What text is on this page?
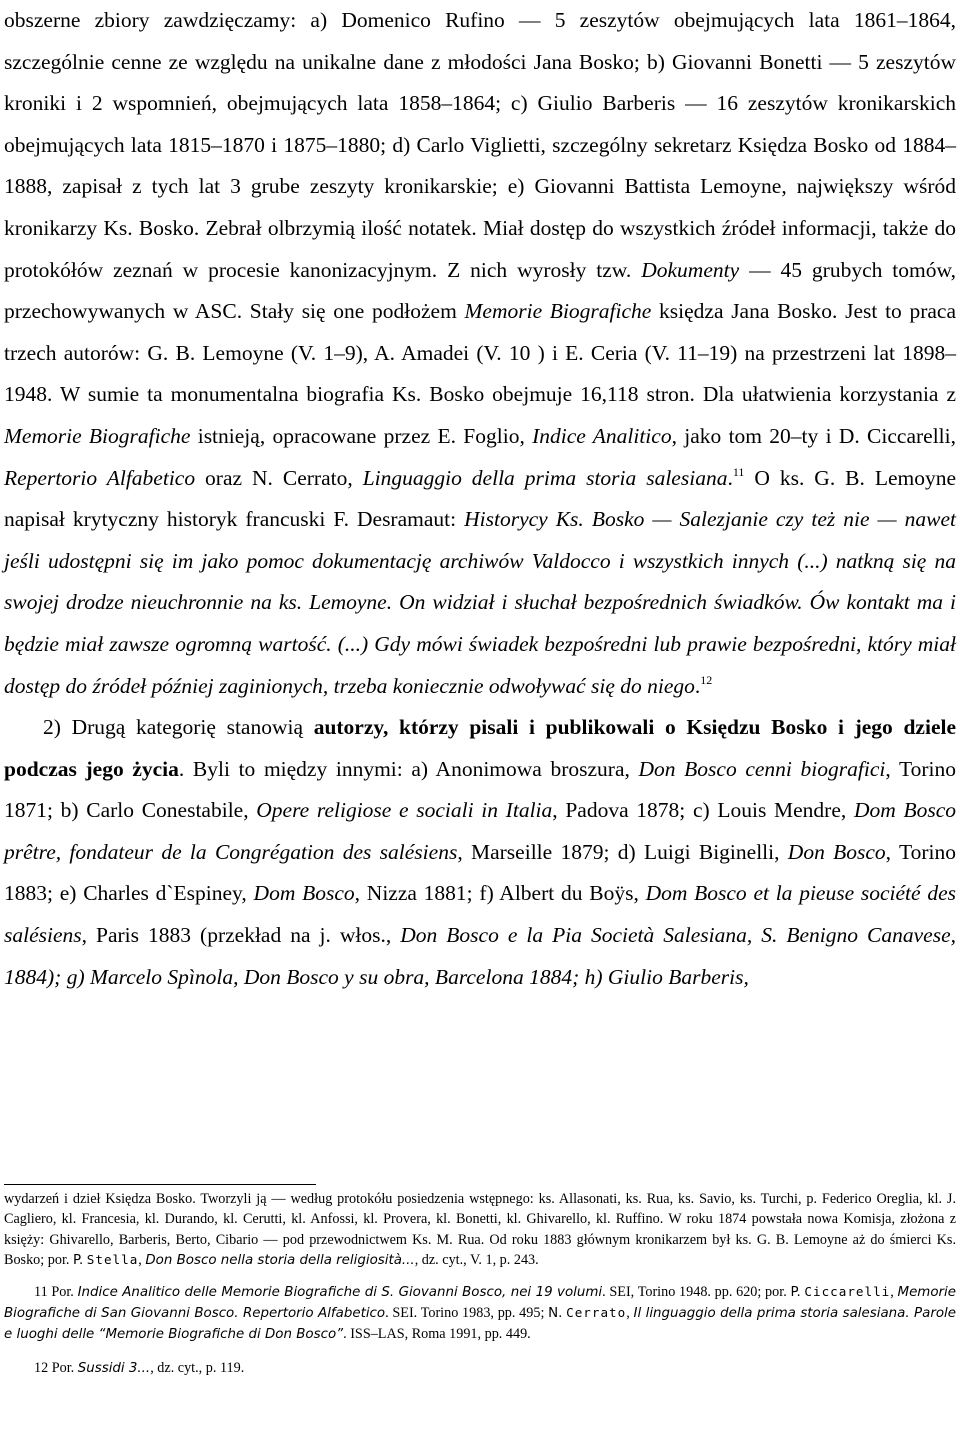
obszerne zbiory zawdzięczamy: a) Domenico Rufino — 5 zeszytów obejmujących lata 1861–1864, szczególnie cenne ze względu na unikalne dane z młodości Jana Bosko; b) Giovanni Bonetti — 5 zeszytów kroniki i 2 wspomnień, obejmujących lata 1858–1864; c) Giulio Barberis — 16 zeszytów kronikarskich obejmujących lata 1815–1870 i 1875–1880; d) Carlo Viglietti, szczególny sekretarz Księdza Bosko od 1884–1888, zapisał z tych lat 3 grube zeszyty kronikarskie; e) Giovanni Battista Lemoyne, największy wśród kronikarzy Ks. Bosko. Zebrał olbrzymią ilość notatek. Miał dostęp do wszystkich źródeł informacji, także do protokółów zeznań w procesie kanonizacyjnym. Z nich wyrosły tzw. Dokumenty — 45 grubych tomów, przechowywanych w ASC. Stały się one podłożem Memorie Biografiche księdza Jana Bosko. Jest to praca trzech autorów: G. B. Lemoyne (V. 1–9), A. Amadei (V. 10 ) i E. Ceria (V. 11–19) na przestrzeni lat 1898–1948. W sumie ta monumentalna biografia Ks. Bosko obejmuje 16,118 stron. Dla ułatwienia korzystania z Memorie Biografiche istnieją, opracowane przez E. Foglio, Indice Analitico, jako tom 20–ty i D. Ciccarelli, Repertorio Alfabetico oraz N. Cerrato, Linguaggio della prima storia salesiana.$^{11}$ O ks. G. B. Lemoyne napisał krytyczny historyk francuski F. Desramaut: Historycy Ks. Bosko — Salezjanie czy też nie — nawet jeśli udostępni się im jako pomoc dokumentację archiwów Valdocco i wszystkich innych (...) natkną się na swojej drodze nieuchronnie na ks. Lemoyne. On widział i słuchał bezpośrednich świadków. Ów kontakt ma i będzie miał zawsze ogromną wartość. (...) Gdy mówi świadek bezpośredni lub prawie bezpośredni, który miał dostęp do źródeł później zaginionych, trzeba koniecznie odwoływać się do niego.$^{12}$

2) Drugą kategorię stanowią autorzy, którzy pisali i publikowali o Księdzu Bosko i jego dziele podczas jego życia. Byli to między innymi: a) Anonimowa broszura, Don Bosco cenni biografici, Torino 1871; b) Carlo Conestabile, Opere religiose e sociali in Italia, Padova 1878; c) Louis Mendre, Dom Bosco prêtre, fondateur de la Congrégation des salésiens, Marseille 1879; d) Luigi Biginelli, Don Bosco, Torino 1883; e) Charles d`Espiney, Dom Bosco, Nizza 1881; f) Albert du Boÿs, Dom Bosco et la pieuse société des salésiens, Paris 1883 (przekład na j. włos., Don Bosco e la Pia Società Salesiana, S. Benigno Canavese, 1884); g) Marcelo Spìnola, Don Bosco y su obra, Barcelona 1884; h) Giulio Barberis,

wydarzeń i dzieł Księdza Bosko. Tworzyli ją — według protokółu posiedzenia wstępnego: ks. Allasonati, ks. Rua, ks. Savio, ks. Turchi, p. Federico Oreglia, kl. J. Cagliero, kl. Francesia, kl. Durando, kl. Cerutti, kl. Anfossi, kl. Provera, kl. Bonetti, kl. Ghivarello, kl. Ruffino. W roku 1874 powstała nowa Komisja, złożona z księży: Ghivarello, Barberis, Berto, Cibario — pod przewodnictwem Ks. M. Rua. Od roku 1883 głównym kronikarzem był ks. G. B. Lemoyne aż do śmierci Ks. Bosko; por. P. Stella, Don Bosco nella storia della religiosità..., dz. cyt., V. 1, p. 243.

11 Por. Indice Analitico delle Memorie Biografiche di S. Giovanni Bosco, nei 19 volumi. SEI, Torino 1948. pp. 620; por. P. Ciccarelli, Memorie Biografiche di San Giovanni Bosco. Repertorio Alfabetico. SEI. Torino 1983, pp. 495; N. Cerrato, Il linguaggio della prima storia salesiana. Parole e luoghi delle “Memorie Biografiche di Don Bosco”. ISS–LAS, Roma 1991, pp. 449.

12 Por. Sussidi 3..., dz. cyt., p. 119.
